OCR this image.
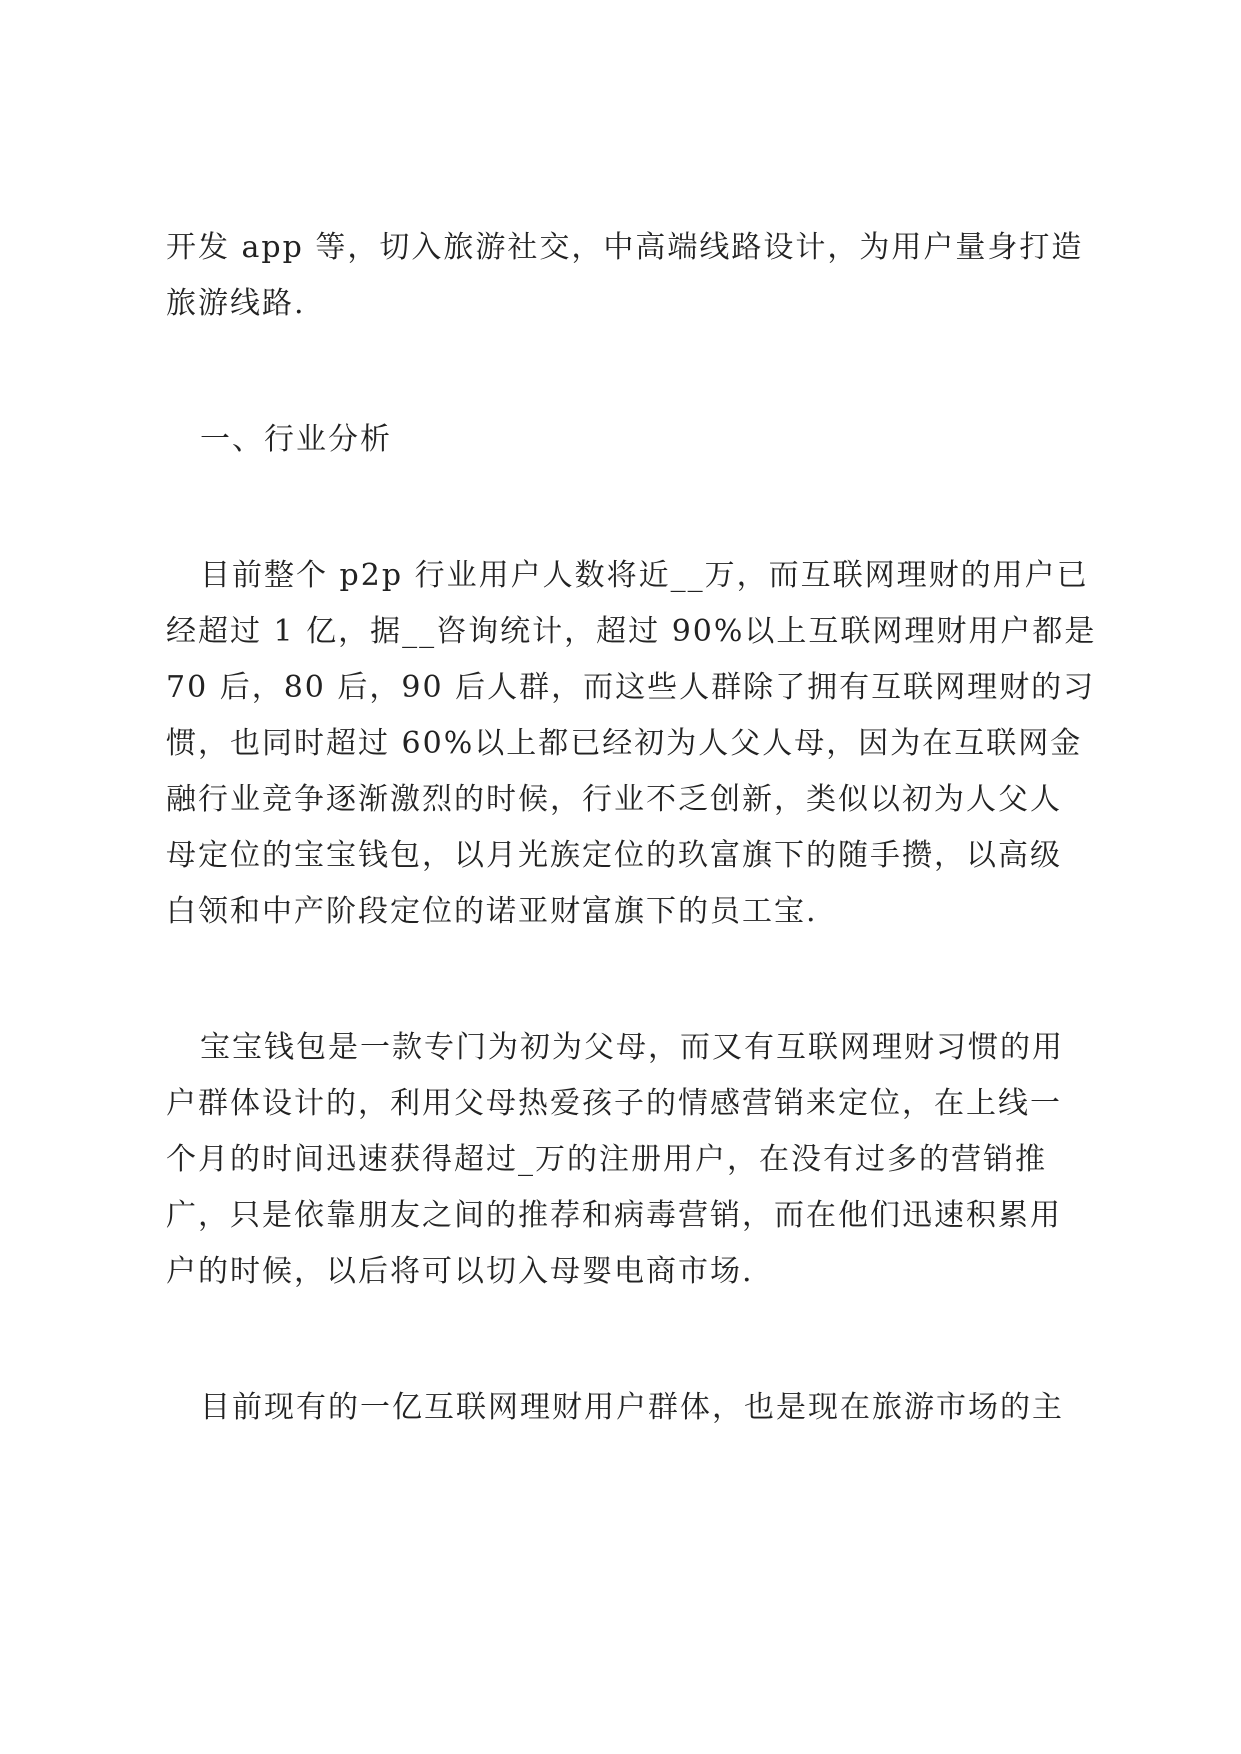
开发 app 等，切入旅游社交，中高端线路设计，为用户量身打造
旅游线路.
一、行业分析
目前整个 p2p 行业用户人数将近__万，而互联网理财的用户已
经超过 1 亿，据__咨询统计，超过 90%以上互联网理财用户都是
70 后，80 后，90 后人群，而这些人群除了拥有互联网理财的习
惯，也同时超过 60%以上都已经初为人父人母，因为在互联网金
融行业竞争逐渐激烈的时候，行业不乏创新，类似以初为人父人
母定位的宝宝钱包，以月光族定位的玖富旗下的随手攒，以高级
白领和中产阶段定位的诺亚财富旗下的员工宝.
宝宝钱包是一款专门为初为父母，而又有互联网理财习惯的用
户群体设计的，利用父母热爱孩子的情感营销来定位，在上线一
个月的时间迅速获得超过_万的注册用户，在没有过多的营销推
广，只是依靠朋友之间的推荐和病毒营销，而在他们迅速积累用
户的时候，以后将可以切入母婴电商市场.
目前现有的一亿互联网理财用户群体，也是现在旅游市场的主
